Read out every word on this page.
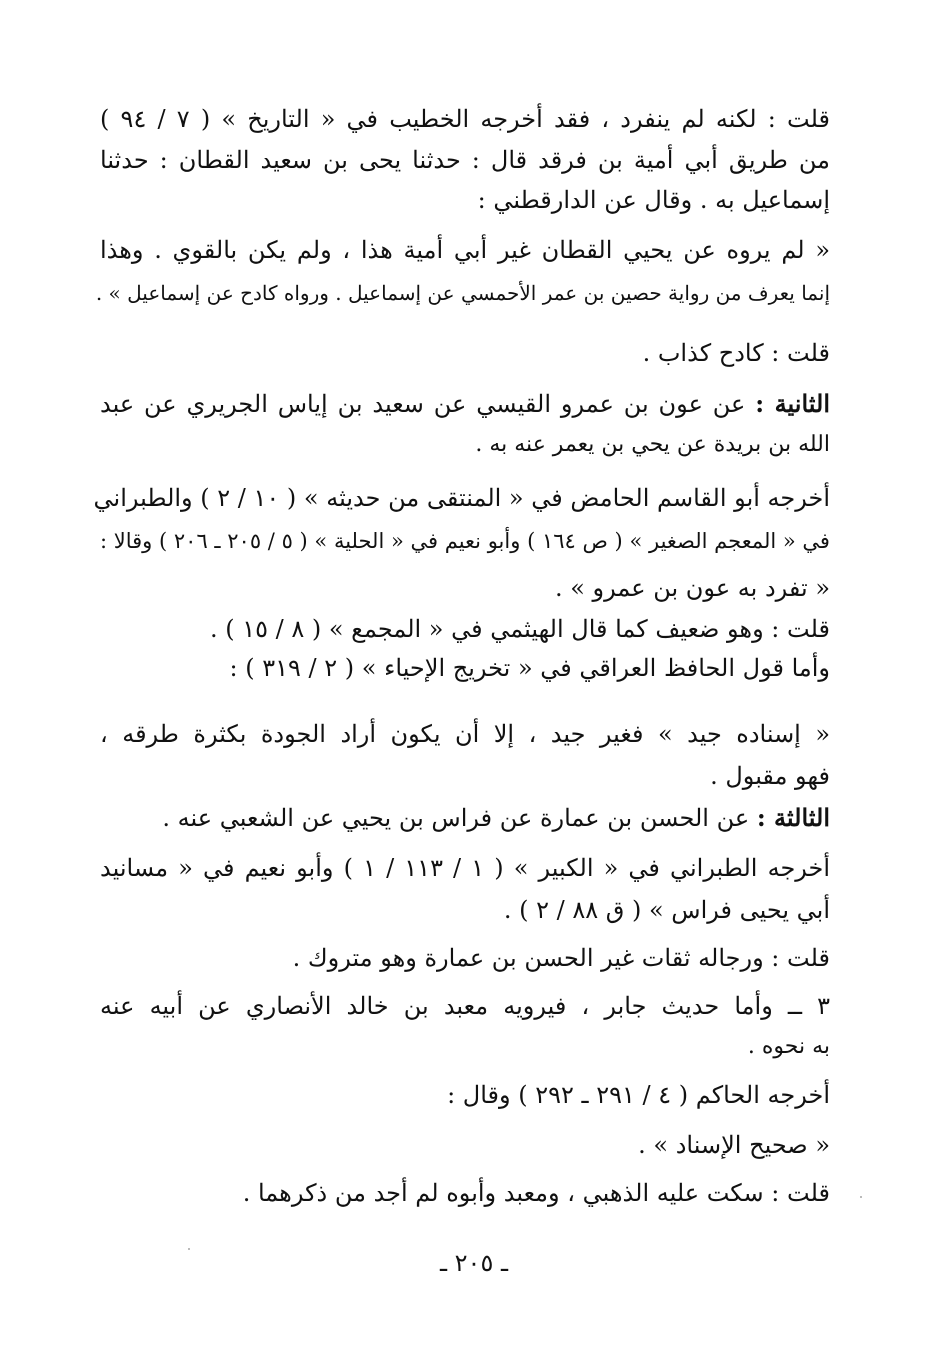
قلت : لكنه لم ينفرد ، فقد أخرجه الخطيب في « التاريخ » ( ٧ / ٩٤ )
من طريق أبي أمية بن فرقد قال : حدثنا يحى بن سعيد القطان : حدثنا
إسماعيل به . وقال عن الدارقطني :
« لم يروه عن يحيي القطان غير أبي أمية هذا ، ولم يكن بالقوي . وهذا
إنما يعرف من رواية حصين بن عمر الأحمسي عن إسماعيل . ورواه كادح عن إسماعيل » .
قلت : كادح كذاب .
الثانية : عن عون بن عمرو القيسي عن سعيد بن إياس الجريري عن عبد
الله بن بريدة عن يحي بن يعمر عنه به .
أخرجه أبو القاسم الحامض في « المنتقى من حديثه » ( ١٠ / ٢ ) والطبراني
في « المعجم الصغير » ( ص ١٦٤ ) وأبو نعيم في « الحلية » ( ٥ / ٢٠٥ ـ ٢٠٦ ) وقالا :
« تفرد به عون بن عمرو » .
قلت : وهو ضعيف كما قال الهيثمي في « المجمع » ( ٨ / ١٥ ) .
وأما قول الحافظ العراقي في « تخريج الإحياء » ( ٢ / ٣١٩ ) :
« إسناده جيد » فغير جيد ، إلا أن يكون أراد الجودة بكثرة طرقه ،
فهو مقبول .
الثالثة : عن الحسن بن عمارة عن فراس بن يحيي عن الشعبي عنه .
أخرجه الطبراني في « الكبير » ( ١ / ١١٣ / ١ ) وأبو نعيم في « مسانيد
أبي يحيى فراس » ( ق ٨٨ / ٢ ) .
قلت : ورجاله ثقات غير الحسن بن عمارة وهو متروك .
٣ ــ وأما حديث جابر ، فيرويه معبد بن خالد الأنصاري عن أبيه عنه
به نحوه .
أخرجه الحاكم ( ٤ / ٢٩١ ـ ٢٩٢ ) وقال :
« صحيح الإسناد » .
قلت : سكت عليه الذهبي ، ومعبد وأبوه لم أجد من ذكرهما .
ـ ٢٠٥ ـ
